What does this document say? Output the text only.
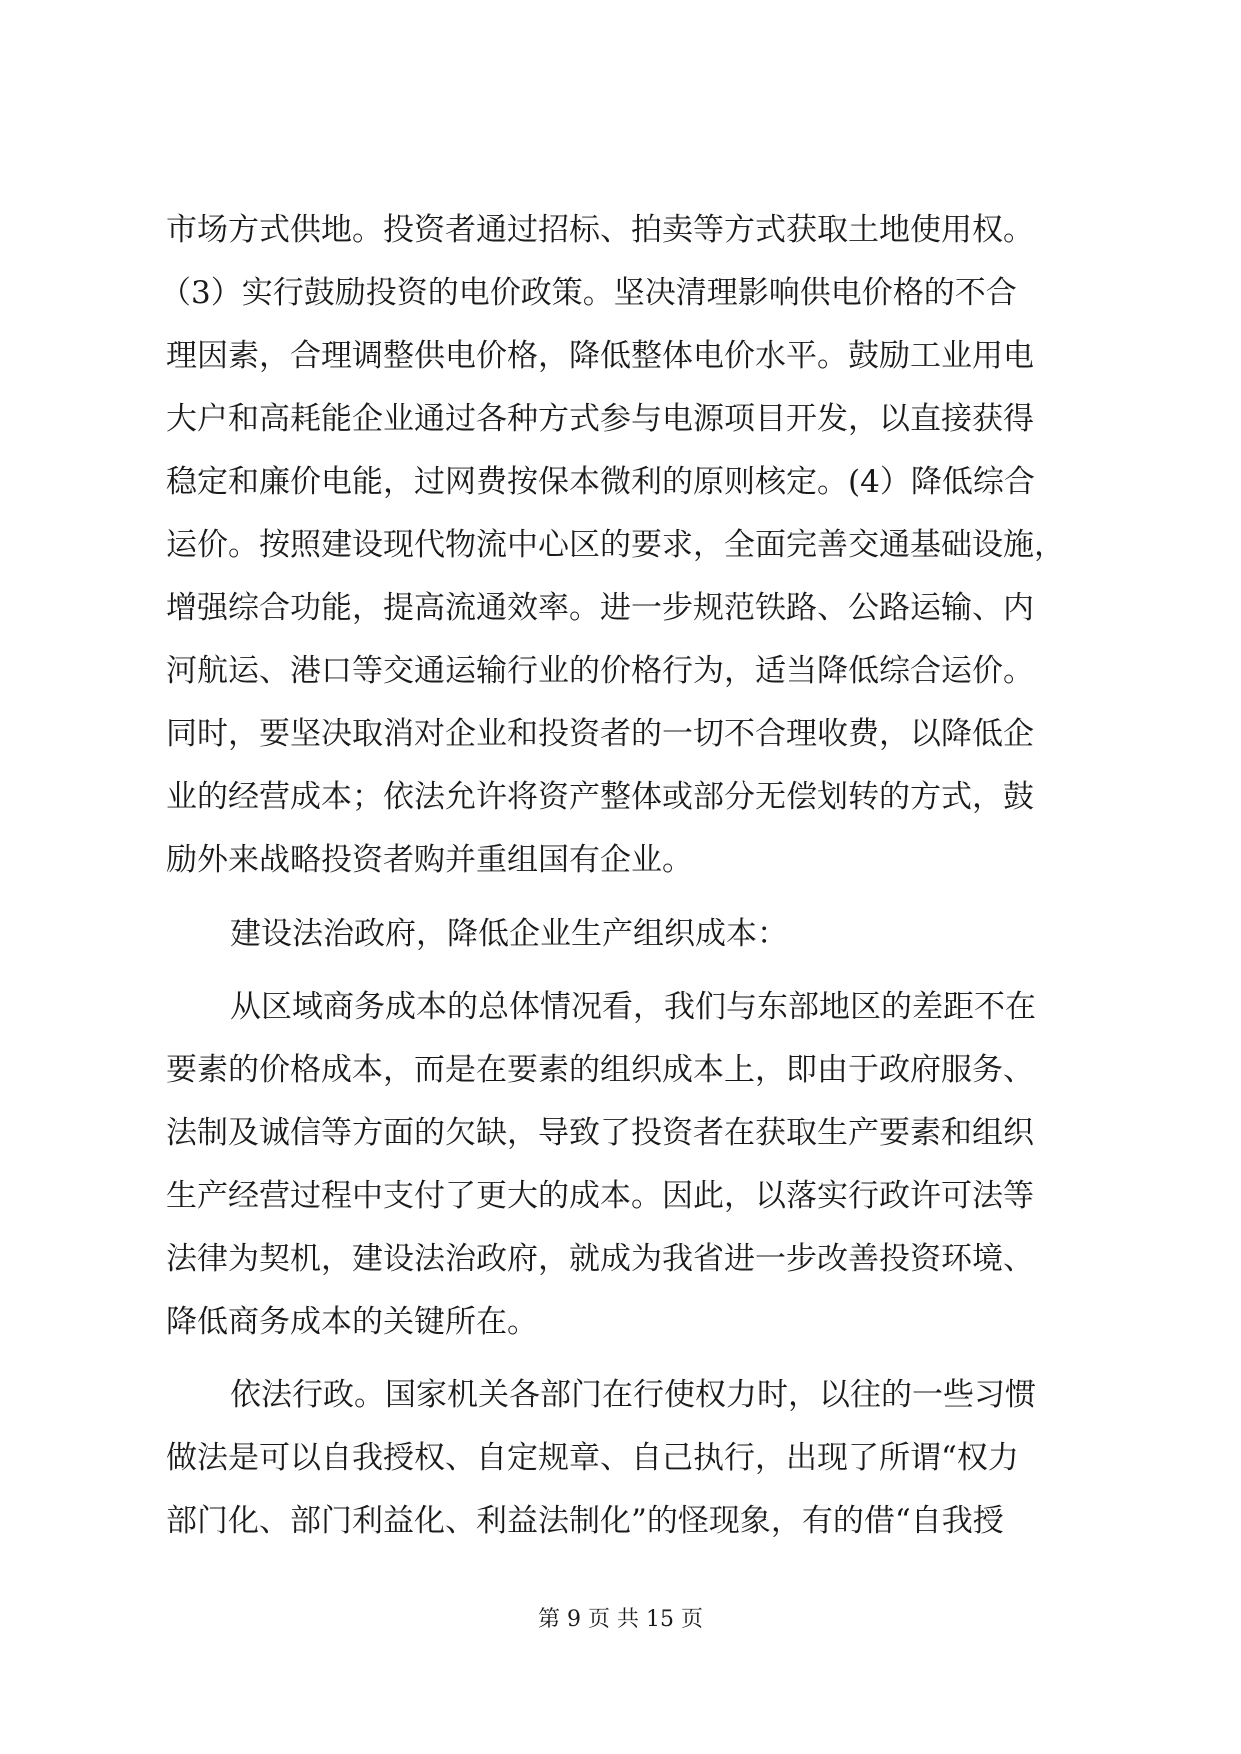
市场方式供地。投资者通过招标、拍卖等方式获取土地使用权。
（3）实行鼓励投资的电价政策。坚决清理影响供电价格的不合
理因素，合理调整供电价格，降低整体电价水平。鼓励工业用电
大户和高耗能企业通过各种方式参与电源项目开发，以直接获得
稳定和廉价电能，过网费按保本微利的原则核定。(4）降低综合
运价。按照建设现代物流中心区的要求，全面完善交通基础设施，
增强综合功能，提高流通效率。进一步规范铁路、公路运输、内
河航运、港口等交通运输行业的价格行为，适当降低综合运价。
同时，要坚决取消对企业和投资者的一切不合理收费，以降低企
业的经营成本；依法允许将资产整体或部分无偿划转的方式，鼓
励外来战略投资者购并重组国有企业。
建设法治政府，降低企业生产组织成本：
从区域商务成本的总体情况看，我们与东部地区的差距不在
要素的价格成本，而是在要素的组织成本上，即由于政府服务、
法制及诚信等方面的欠缺，导致了投资者在获取生产要素和组织
生产经营过程中支付了更大的成本。因此，以落实行政许可法等
法律为契机，建设法治政府，就成为我省进一步改善投资环境、
降低商务成本的关键所在。
依法行政。国家机关各部门在行使权力时，以往的一些习惯
做法是可以自我授权、自定规章、自己执行，出现了所谓“权力
部门化、部门利益化、利益法制化”的怪现象，有的借“自我授
第 9 页 共 15 页
